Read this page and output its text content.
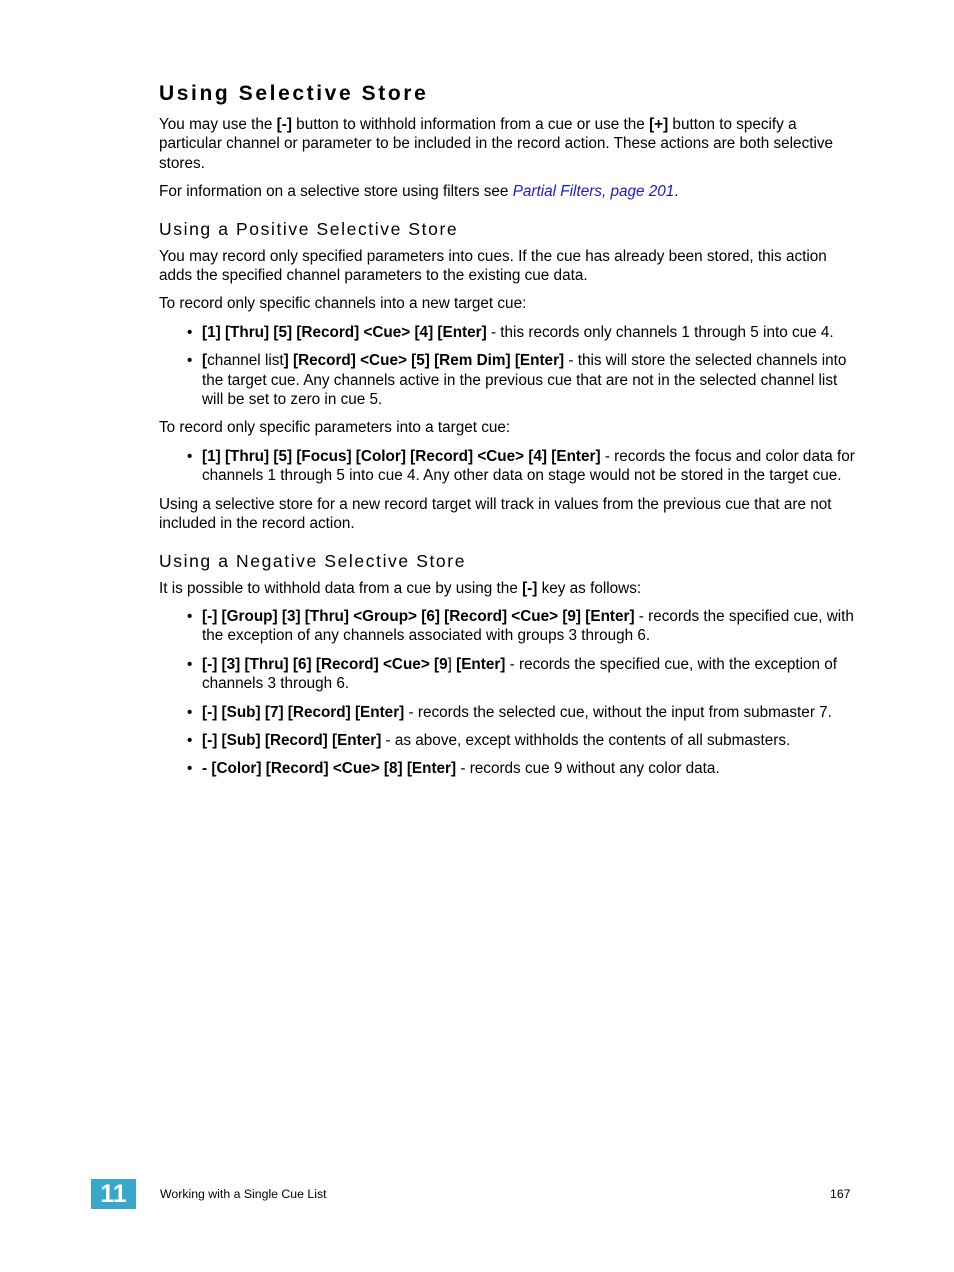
Using Selective Store

You may use the [-] button to withhold information from a cue or use the [+] button to specify a particular channel or parameter to be included in the record action. These actions are both selective stores.

For information on a selective store using filters see Partial Filters, page 201.

Using a Positive Selective Store

You may record only specified parameters into cues. If the cue has already been stored, this action adds the specified channel parameters to the existing cue data.

To record only specific channels into a new target cue:

• [1] [Thru] [5] [Record] <Cue> [4] [Enter] - this records only channels 1 through 5 into cue 4.
• [channel list] [Record] <Cue> [5] [Rem Dim] [Enter] - this will store the selected channels into the target cue. Any channels active in the previous cue that are not in the selected channel list will be set to zero in cue 5.

To record only specific parameters into a target cue:

• [1] [Thru] [5] [Focus] [Color] [Record] <Cue> [4] [Enter] - records the focus and color data for channels 1 through 5 into cue 4. Any other data on stage would not be stored in the target cue.

Using a selective store for a new record target will track in values from the previous cue that are not included in the record action.

Using a Negative Selective Store

It is possible to withhold data from a cue by using the [-] key as follows:

• [-] [Group] [3] [Thru] <Group> [6] [Record] <Cue> [9] [Enter] - records the specified cue, with the exception of any channels associated with groups 3 through 6.
• [-] [3] [Thru] [6] [Record] <Cue> [9] [Enter] - records the specified cue, with the exception of channels 3 through 6.
• [-] [Sub] [7] [Record] [Enter] - records the selected cue, without the input from submaster 7.
• [-] [Sub] [Record] [Enter] - as above, except withholds the contents of all submasters.
• - [Color] [Record] <Cue> [8] [Enter] - records cue 9 without any color data.
11	Working with a Single Cue List	167
